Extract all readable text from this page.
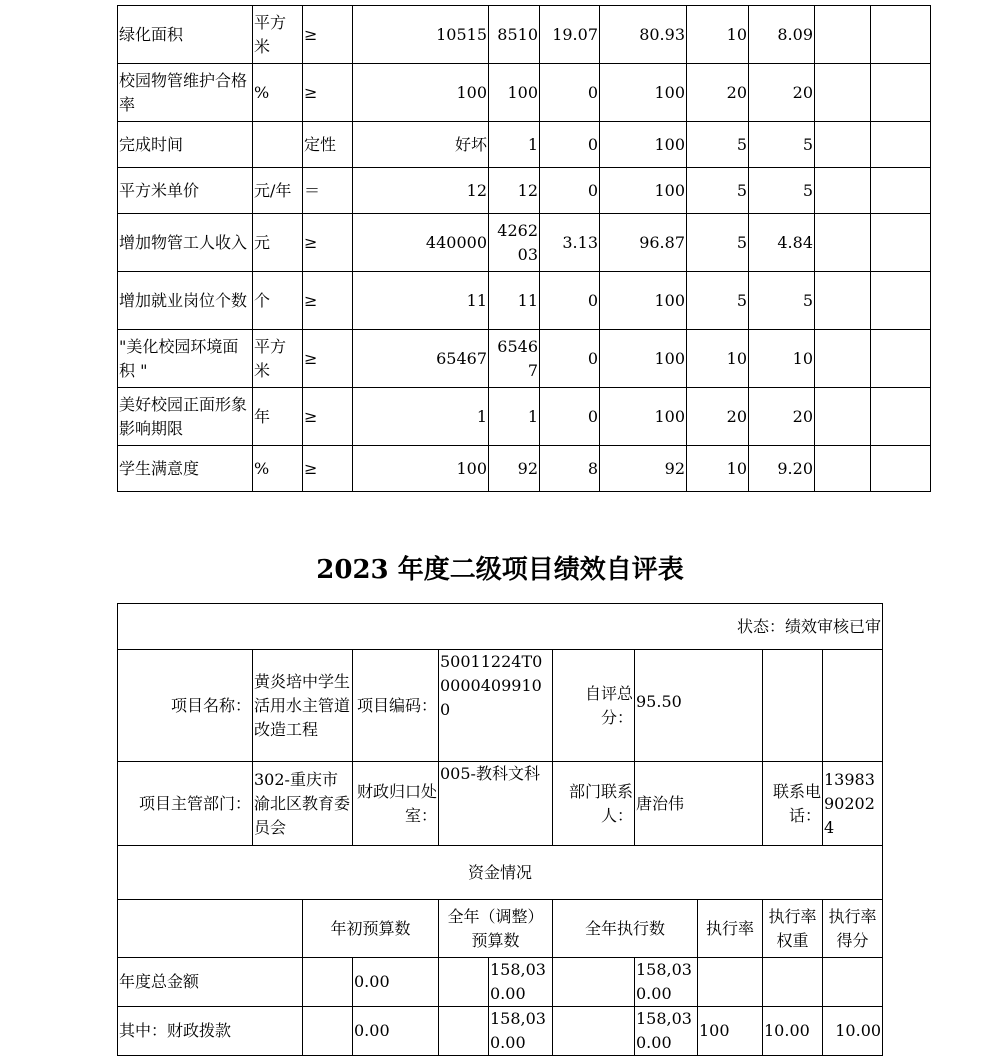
绿化面积	平方米	≥	10515	8510	19.07	80.93	10	8.09		
校园物管维护合格率	%	≥	100	100	0	100	20	20		
完成时间		定性	好坏	1	0	100	5	5		
平方米单价	元/年	＝	12	12	0	100	5	5		
增加物管工人收入	元	≥	440000	426203	3.13	96.87	5	4.84		
增加就业岗位个数	个	≥	11	11	0	100	5	5		
"美化校园环境面积 "	平方米	≥	65467	65467	0	100	10	10		
美好校园正面形象影响期限	年	≥	1	1	0	100	20	20		
学生满意度	%	≥	100	92	8	92	10	9.20		
2023 年度二级项目绩效自评表
状态：绩效审核已审										
项目名称：	黄炎培中学生活用水主管道改造工程		项目编码：	50011224T000004099100		自评总分：	95.50			
项目主管部门：	302-重庆市渝北区教育委员会		财政归口处室：	005-教科文科		部门联系人：	唐治伟		联系电话：	13983902024
资金情况										
		年初预算数		全年（调整）预算数		全年执行数		执行率	执行率权重	执行率得分
年度总金额			0.00		158,030.00		158,030.00			
其中：财政拨款			0.00		158,030.00		158,030.00	100	10.00	10.00
